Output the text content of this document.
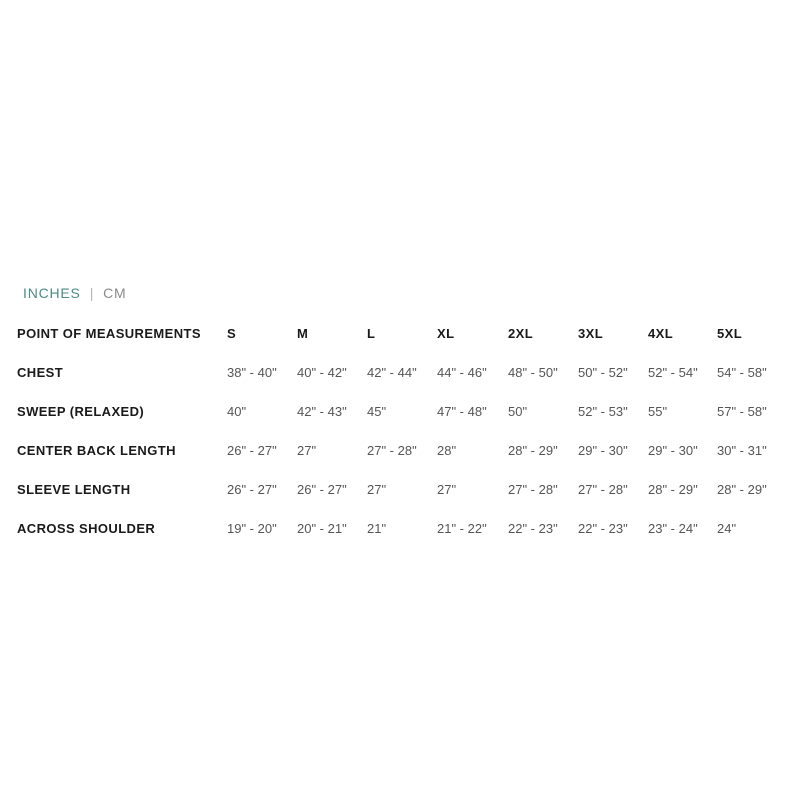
INCHES | CM
POINT OF MEASUREMENTS	S	M	L	XL	2XL	3XL	4XL	5XL
CHEST	38" - 40"	40" - 42"	42" - 44"	44" - 46"	48" - 50"	50" - 52"	52" - 54"	54" - 58"
SWEEP (RELAXED)	40"	42" - 43"	45"	47" - 48"	50"	52" - 53"	55"	57" - 58"
CENTER BACK LENGTH	26" - 27"	27"	27" - 28"	28"	28" - 29"	29" - 30"	29" - 30"	30" - 31"
SLEEVE LENGTH	26" - 27"	26" - 27"	27"	27"	27" - 28"	27" - 28"	28" - 29"	28" - 29"
ACROSS SHOULDER	19" - 20"	20" - 21"	21"	21" - 22"	22" - 23"	22" - 23"	23" - 24"	24"
